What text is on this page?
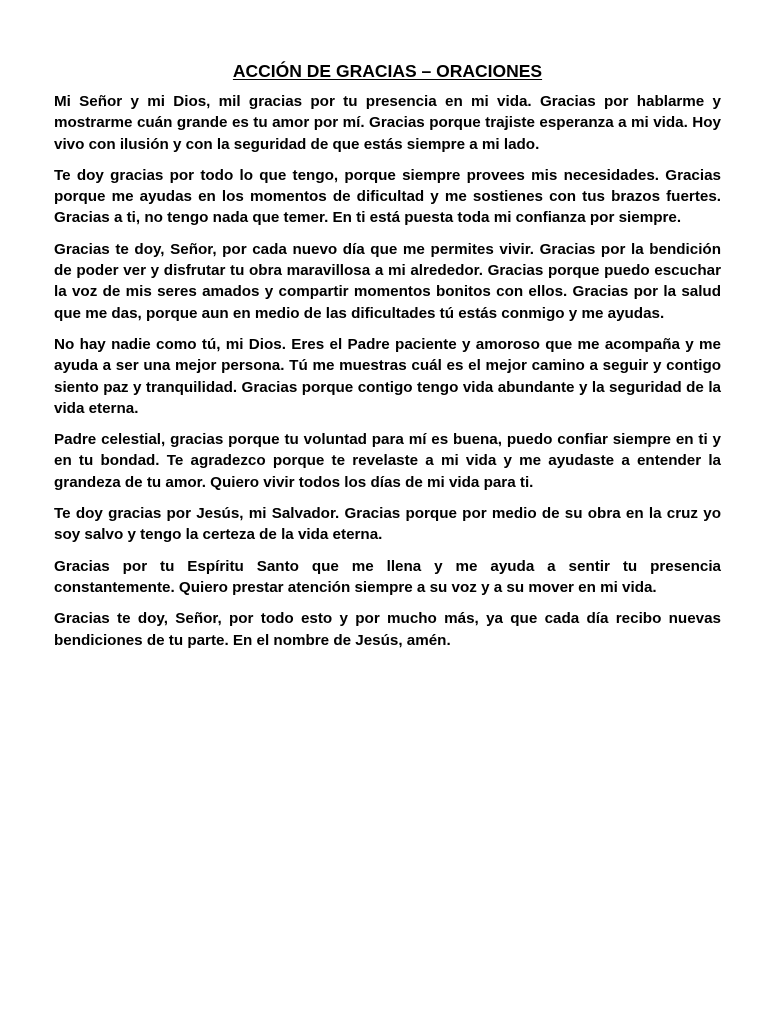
ACCIÓN DE GRACIAS – ORACIONES

Mi Señor y mi Dios, mil gracias por tu presencia en mi vida. Gracias por hablarme y mostrarme cuán grande es tu amor por mí. Gracias porque trajiste esperanza a mi vida. Hoy vivo con ilusión y con la seguridad de que estás siempre a mi lado.

Te doy gracias por todo lo que tengo, porque siempre provees mis necesidades. Gracias porque me ayudas en los momentos de dificultad y me sostienes con tus brazos fuertes. Gracias a ti, no tengo nada que temer. En ti está puesta toda mi confianza por siempre.

Gracias te doy, Señor, por cada nuevo día que me permites vivir. Gracias por la bendición de poder ver y disfrutar tu obra maravillosa a mi alrededor. Gracias porque puedo escuchar la voz de mis seres amados y compartir momentos bonitos con ellos. Gracias por la salud que me das, porque aun en medio de las dificultades tú estás conmigo y me ayudas.

No hay nadie como tú, mi Dios. Eres el Padre paciente y amoroso que me acompaña y me ayuda a ser una mejor persona. Tú me muestras cuál es el mejor camino a seguir y contigo siento paz y tranquilidad. Gracias porque contigo tengo vida abundante y la seguridad de la vida eterna.

Padre celestial, gracias porque tu voluntad para mí es buena, puedo confiar siempre en ti y en tu bondad. Te agradezco porque te revelaste a mi vida y me ayudaste a entender la grandeza de tu amor. Quiero vivir todos los días de mi vida para ti.

Te doy gracias por Jesús, mi Salvador. Gracias porque por medio de su obra en la cruz yo soy salvo y tengo la certeza de la vida eterna.

Gracias por tu Espíritu Santo que me llena y me ayuda a sentir tu presencia constantemente. Quiero prestar atención siempre a su voz y a su mover en mi vida.

Gracias te doy, Señor, por todo esto y por mucho más, ya que cada día recibo nuevas bendiciones de tu parte. En el nombre de Jesús, amén.
